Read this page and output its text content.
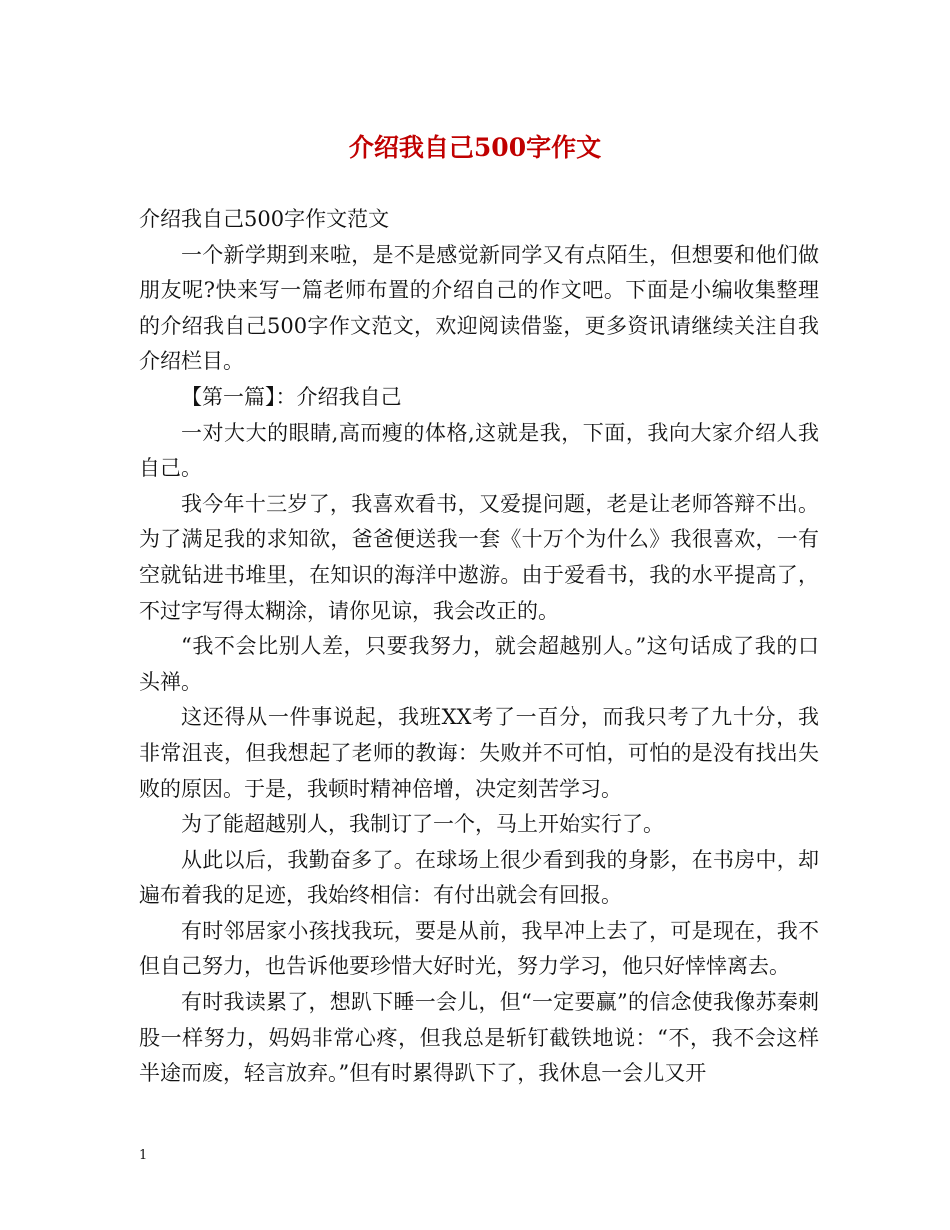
介绍我自己500字作文

介绍我自己500字作文范文

一个新学期到来啦，是不是感觉新同学又有点陌生，但想要和他们做朋友呢?快来写一篇老师布置的介绍自己的作文吧。下面是小编收集整理的介绍我自己500字作文范文，欢迎阅读借鉴，更多资讯请继续关注自我介绍栏目。

【第一篇】：介绍我自己

一对大大的眼睛,高而瘦的体格,这就是我，下面，我向大家介绍人我自己。

我今年十三岁了，我喜欢看书，又爱提问题，老是让老师答辩不出。为了满足我的求知欲，爸爸便送我一套《十万个为什么》我很喜欢，一有空就钻进书堆里，在知识的海洋中遨游。由于爱看书，我的水平提高了，不过字写得太糊涂，请你见谅，我会改正的。

“我不会比别人差，只要我努力，就会超越别人。”这句话成了我的口头禅。

这还得从一件事说起，我班XX考了一百分，而我只考了九十分，我非常沮丧，但我想起了老师的教诲：失败并不可怕，可怕的是没有找出失败的原因。于是，我顿时精神倍增，决定刻苦学习。

为了能超越别人，我制订了一个，马上开始实行了。

从此以后，我勤奋多了。在球场上很少看到我的身影，在书房中，却遍布着我的足迹，我始终相信：有付出就会有回报。

有时邻居家小孩找我玩，要是从前，我早冲上去了，可是现在，我不但自己努力，也告诉他要珍惜大好时光，努力学习，他只好悻悻离去。

有时我读累了，想趴下睡一会儿，但“一定要赢”的信念使我像苏秦刺股一样努力，妈妈非常心疼，但我总是斩钉截铁地说：“不，我不会这样半途而废，轻言放弃。”但有时累得趴下了，我休息一会儿又开

1
